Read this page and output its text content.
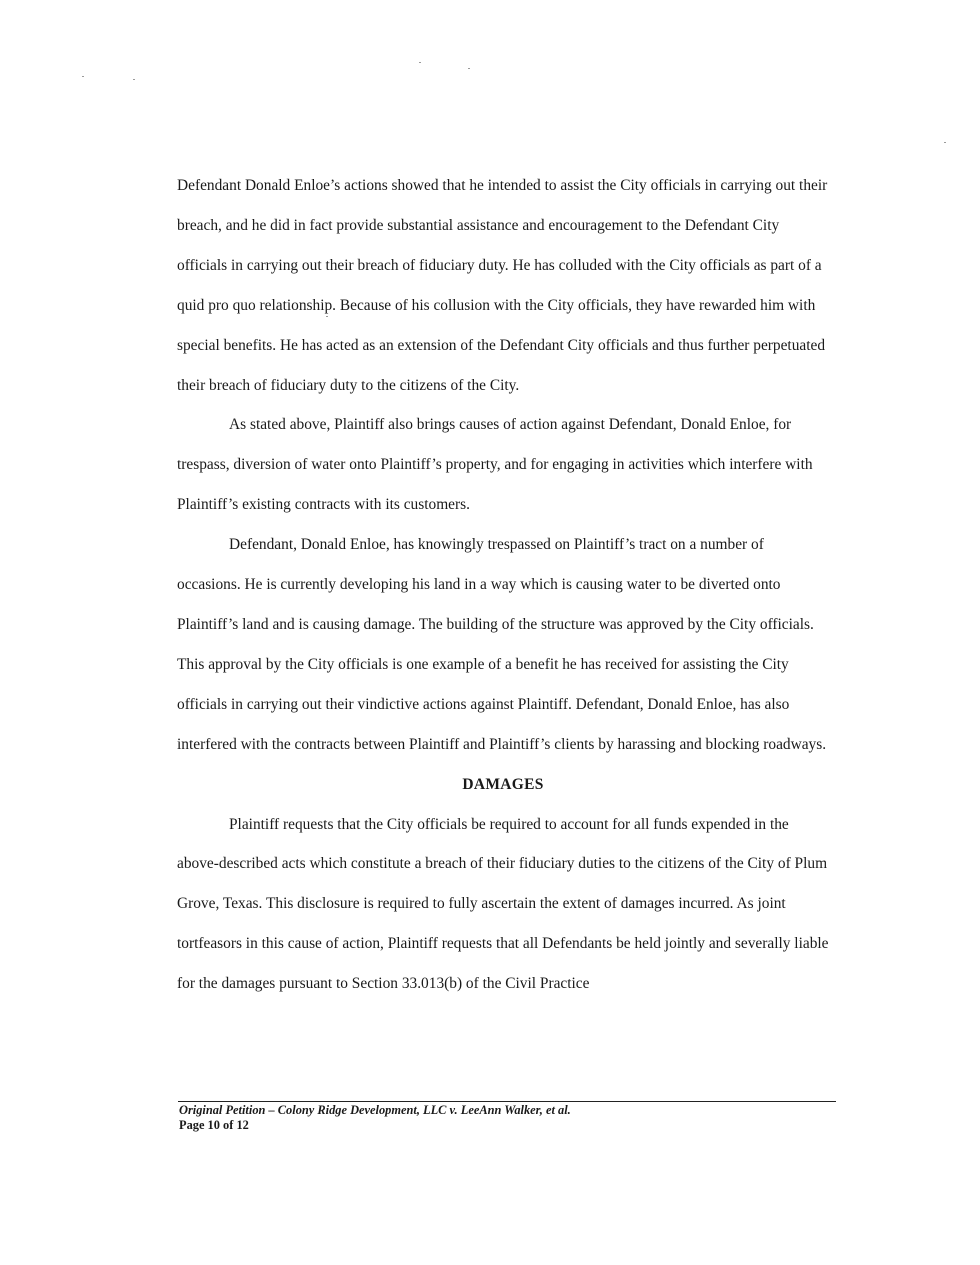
Defendant Donald Enloe’s actions showed that he intended to assist the City officials in carrying out their breach, and he did in fact provide substantial assistance and encouragement to the Defendant City officials in carrying out their breach of fiduciary duty. He has colluded with the City officials as part of a quid pro quo relationship. Because of his collusion with the City officials, they have rewarded him with special benefits. He has acted as an extension of the Defendant City officials and thus further perpetuated their breach of fiduciary duty to the citizens of the City.

As stated above, Plaintiff also brings causes of action against Defendant, Donald Enloe, for trespass, diversion of water onto Plaintiff’s property, and for engaging in activities which interfere with Plaintiff’s existing contracts with its customers.

Defendant, Donald Enloe, has knowingly trespassed on Plaintiff’s tract on a number of occasions. He is currently developing his land in a way which is causing water to be diverted onto Plaintiff’s land and is causing damage. The building of the structure was approved by the City officials. This approval by the City officials is one example of a benefit he has received for assisting the City officials in carrying out their vindictive actions against Plaintiff. Defendant, Donald Enloe, has also interfered with the contracts between Plaintiff and Plaintiff’s clients by harassing and blocking roadways.

DAMAGES

Plaintiff requests that the City officials be required to account for all funds expended in the above-described acts which constitute a breach of their fiduciary duties to the citizens of the City of Plum Grove, Texas. This disclosure is required to fully ascertain the extent of damages incurred. As joint tortfeasors in this cause of action, Plaintiff requests that all Defendants be held jointly and severally liable for the damages pursuant to Section 33.013(b) of the Civil Practice

Original Petition – Colony Ridge Development, LLC v. LeeAnn Walker, et al.
Page 10 of 12
